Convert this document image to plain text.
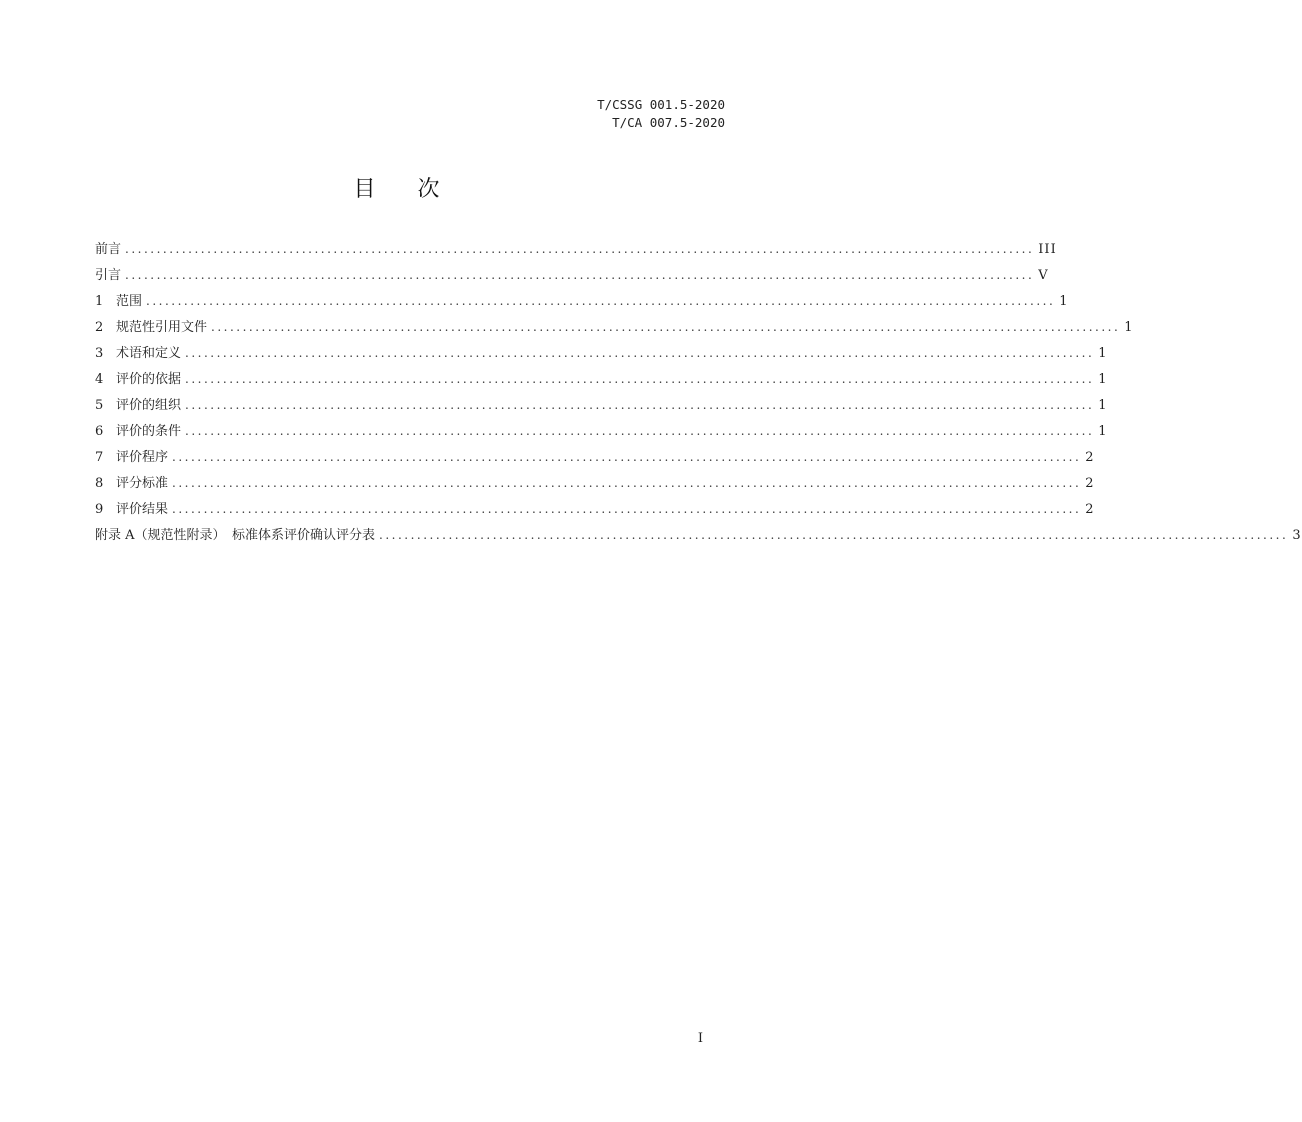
T/CSSG 001.5-2020
T/CA 007.5-2020
目次
前言 ................................................................................................................................................ III
引言 ................................................................................................................................................ V
1 范围 ................................................................................................................................................ 1
2 规范性引用文件 ................................................................................................................................................ 1
3 术语和定义 ................................................................................................................................................ 1
4 评价的依据 ................................................................................................................................................ 1
5 评价的组织 ................................................................................................................................................ 1
6 评价的条件 ................................................................................................................................................ 1
7 评价程序 ................................................................................................................................................ 2
8 评分标准 ................................................................................................................................................ 2
9 评价结果 ................................................................................................................................................ 2
附录 A（规范性附录）　标准体系评价确认评分表 ................................................................................................................................................ 3
I
